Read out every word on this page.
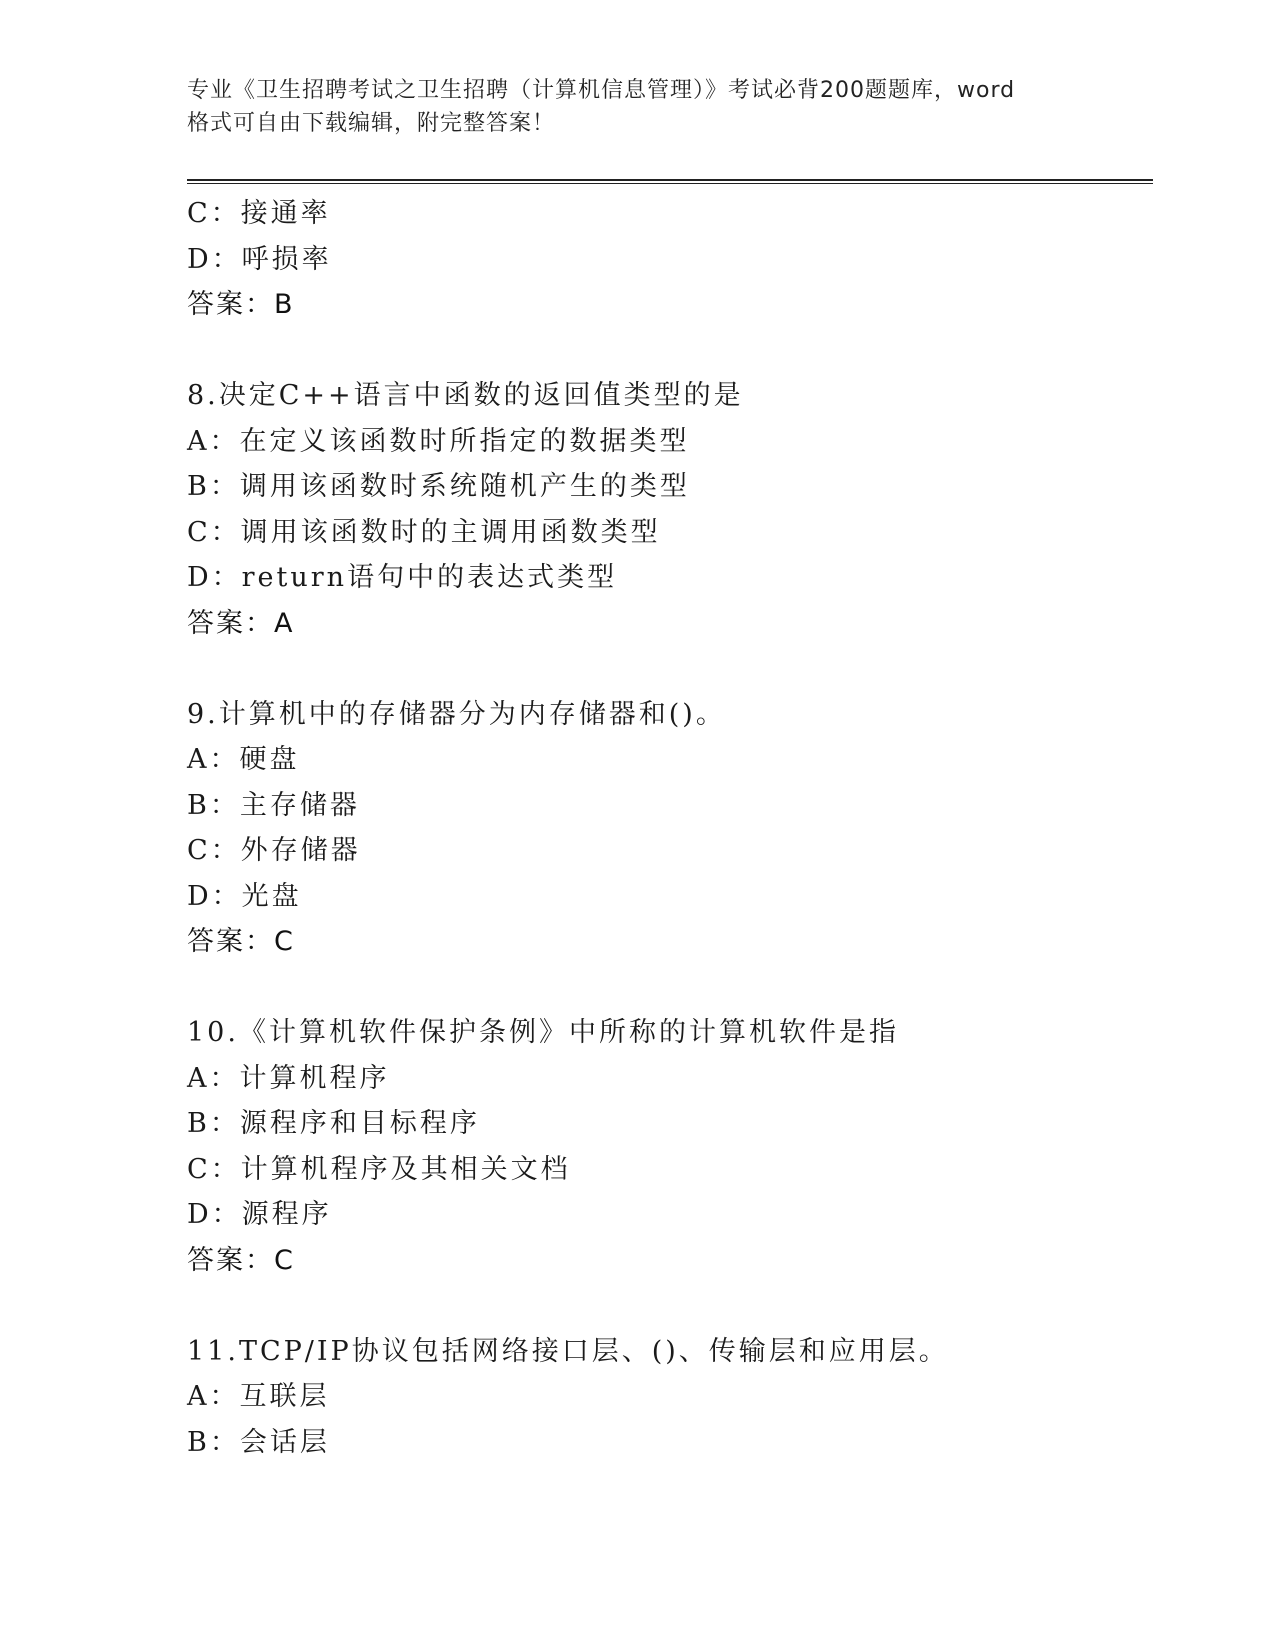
专业《卫生招聘考试之卫生招聘（计算机信息管理）》考试必背200题题库，word
格式可自由下载编辑，附完整答案！
C：接通率
D：呼损率
答案：B
8.决定C++语言中函数的返回值类型的是
A：在定义该函数时所指定的数据类型
B：调用该函数时系统随机产生的类型
C：调用该函数时的主调用函数类型
D：return语句中的表达式类型
答案：A
9.计算机中的存储器分为内存储器和()。
A：硬盘
B：主存储器
C：外存储器
D：光盘
答案：C
10.《计算机软件保护条例》中所称的计算机软件是指
A：计算机程序
B：源程序和目标程序
C：计算机程序及其相关文档
D：源程序
答案：C
11.TCP/IP协议包括网络接口层、()、传输层和应用层。
A：互联层
B：会话层
